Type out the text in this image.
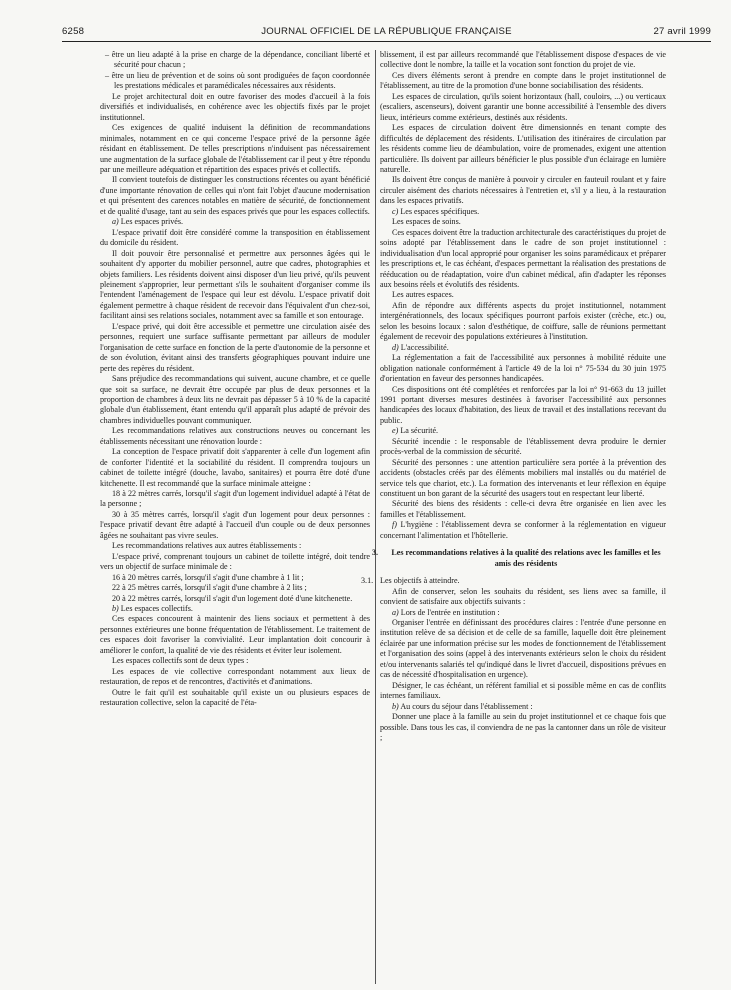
6258	JOURNAL OFFICIEL DE LA RÉPUBLIQUE FRANÇAISE	27 avril 1999

– être un lieu adapté à la prise en charge de la dépendance, conciliant liberté et sécurité pour chacun ;

– être un lieu de prévention et de soins où sont prodiguées de façon coordonnée les prestations médicales et paramédicales nécessaires aux résidents.

Le projet architectural doit en outre favoriser des modes d'accueil à la fois diversifiés et individualisés, en cohérence avec les objectifs fixés par le projet institutionnel.

Ces exigences de qualité induisent la définition de recommandations minimales, notamment en ce qui concerne l'espace privé de la personne âgée résidant en établissement. De telles prescriptions n'induisent pas nécessairement une augmentation de la surface globale de l'établissement car il peut y être répondu par une meilleure adéquation et répartition des espaces privés et collectifs.

Il convient toutefois de distinguer les constructions récentes ou ayant bénéficié d'une importante rénovation de celles qui n'ont fait l'objet d'aucune modernisation et qui présentent des carences notables en matière de sécurité, de fonctionnement et de qualité d'usage, tant au sein des espaces privés que pour les espaces collectifs.

a) Les espaces privés.

L'espace privatif doit être considéré comme la transposition en établissement du domicile du résident.

Il doit pouvoir être personnalisé et permettre aux personnes âgées qui le souhaitent d'y apporter du mobilier personnel, autre que cadres, photographies et objets familiers. Les résidents doivent ainsi disposer d'un lieu privé, qu'ils peuvent pleinement s'approprier, leur permettant s'ils le souhaitent d'organiser comme ils l'entendent l'aménagement de l'espace qui leur est dévolu. L'espace privatif doit également permettre à chaque résident de recevoir dans l'équivalent d'un chez-soi, facilitant ainsi ses relations sociales, notamment avec sa famille et son entourage.

L'espace privé, qui doit être accessible et permettre une circulation aisée des personnes, requiert une surface suffisante permettant par ailleurs de moduler l'organisation de cette surface en fonction de la perte d'autonomie de la personne et de son évolution, évitant ainsi des transferts géographiques pouvant induire une perte des repères du résident.

Sans préjudice des recommandations qui suivent, aucune chambre, et ce quelle que soit sa surface, ne devrait être occupée par plus de deux personnes et la proportion de chambres à deux lits ne devrait pas dépasser 5 à 10 % de la capacité globale d'un établissement, étant entendu qu'il apparaît plus adapté de prévoir des chambres individuelles pouvant communiquer.

Les recommandations relatives aux constructions neuves ou concernant les établissements nécessitant une rénovation lourde :

La conception de l'espace privatif doit s'apparenter à celle d'un logement afin de conforter l'identité et la sociabilité du résident. Il comprendra toujours un cabinet de toilette intégré (douche, lavabo, sanitaires) et pourra être doté d'une kitchenette. Il est recommandé que la surface minimale atteigne :

18 à 22 mètres carrés, lorsqu'il s'agit d'un logement individuel adapté à l'état de la personne ;

30 à 35 mètres carrés, lorsqu'il s'agit d'un logement pour deux personnes : l'espace privatif devant être adapté à l'accueil d'un couple ou de deux personnes âgées ne souhaitant pas vivre seules.

Les recommandations relatives aux autres établissements :

L'espace privé, comprenant toujours un cabinet de toilette intégré, doit tendre vers un objectif de surface minimale de :

16 à 20 mètres carrés, lorsqu'il s'agit d'une chambre à 1 lit ;

22 à 25 mètres carrés, lorsqu'il s'agit d'une chambre à 2 lits ;

20 à 22 mètres carrés, lorsqu'il s'agit d'un logement doté d'une kitchenette.

b) Les espaces collectifs.

Ces espaces concourent à maintenir des liens sociaux et permettent à des personnes extérieures une bonne fréquentation de l'établissement. Le traitement de ces espaces doit favoriser la convivialité. Leur implantation doit concourir à améliorer le confort, la qualité de vie des résidents et éviter leur isolement.

Les espaces collectifs sont de deux types :

Les espaces de vie collective correspondant notamment aux lieux de restauration, de repos et de rencontres, d'activités et d'animations.

Outre le fait qu'il est souhaitable qu'il existe un ou plusieurs espaces de restauration collective, selon la capacité de l'éta-

blissement, il est par ailleurs recommandé que l'établissement dispose d'espaces de vie collective dont le nombre, la taille et la vocation sont fonction du projet de vie.

Ces divers éléments seront à prendre en compte dans le projet institutionnel de l'établissement, au titre de la promotion d'une bonne sociabilisation des résidents.

Les espaces de circulation, qu'ils soient horizontaux (hall, couloirs, ...) ou verticaux (escaliers, ascenseurs), doivent garantir une bonne accessibilité à l'ensemble des divers lieux, intérieurs comme extérieurs, destinés aux résidents.

Les espaces de circulation doivent être dimensionnés en tenant compte des difficultés de déplacement des résidents. L'utilisation des itinéraires de circulation par les résidents comme lieu de déambulation, voire de promenades, exigent une attention particulière. Ils doivent par ailleurs bénéficier le plus possible d'un éclairage en lumière naturelle.

Ils doivent être conçus de manière à pouvoir y circuler en fauteuil roulant et y faire circuler aisément des chariots nécessaires à l'entretien et, s'il y a lieu, à la restauration dans les espaces privatifs.

c) Les espaces spécifiques.

Les espaces de soins.

Ces espaces doivent être la traduction architecturale des caractéristiques du projet de soins adopté par l'établissement dans le cadre de son projet institutionnel : individualisation d'un local approprié pour organiser les soins paramédicaux et préparer les prescriptions et, le cas échéant, d'espaces permettant la réalisation des prestations de rééducation ou de réadaptation, voire d'un cabinet médical, afin d'adapter les réponses aux besoins réels et évolutifs des résidents.

Les autres espaces.

Afin de répondre aux différents aspects du projet institutionnel, notamment intergénérationnels, des locaux spécifiques pourront parfois exister (crèche, etc.) ou, selon les besoins locaux : salon d'esthétique, de coiffure, salle de réunions permettant également de recevoir des populations extérieures à l'institution.

d) L'accessibilité.

La réglementation a fait de l'accessibilité aux personnes à mobilité réduite une obligation nationale conformément à l'article 49 de la loi n° 75-534 du 30 juin 1975 d'orientation en faveur des personnes handicapées.

Ces dispositions ont été complétées et renforcées par la loi n° 91-663 du 13 juillet 1991 portant diverses mesures destinées à favoriser l'accessibilité aux personnes handicapées des locaux d'habitation, des lieux de travail et des installations recevant du public.

e) La sécurité.

Sécurité incendie : le responsable de l'établissement devra produire le dernier procès-verbal de la commission de sécurité.

Sécurité des personnes : une attention particulière sera portée à la prévention des accidents (obstacles créés par des éléments mobiliers mal installés ou du matériel de service tels que chariot, etc.). La formation des intervenants et leur réflexion en équipe constituent un bon garant de la sécurité des usagers tout en respectant leur liberté.

Sécurité des biens des résidents : celle-ci devra être organisée en lien avec les familles et l'établissement.

f) L'hygiène : l'établissement devra se conformer à la réglementation en vigueur concernant l'alimentation et l'hôtellerie.

3. Les recommandations relatives à la qualité des relations avec les familles et les amis des résidents

3.1. Les objectifs à atteindre.

Afin de conserver, selon les souhaits du résident, ses liens avec sa famille, il convient de satisfaire aux objectifs suivants :

a) Lors de l'entrée en institution :

Organiser l'entrée en définissant des procédures claires : l'entrée d'une personne en institution relève de sa décision et de celle de sa famille, laquelle doit être pleinement éclairée par une information précise sur les modes de fonctionnement de l'établissement et l'organisation des soins (appel à des intervenants extérieurs selon le choix du résident et/ou intervenants salariés tel qu'indiqué dans le livret d'accueil, dispositions prévues en cas de nécessité d'hospitalisation en urgence).

Désigner, le cas échéant, un référent familial et si possible même en cas de conflits internes familiaux.

b) Au cours du séjour dans l'établissement :

Donner une place à la famille au sein du projet institutionnel et ce chaque fois que possible. Dans tous les cas, il conviendra de ne pas la cantonner dans un rôle de visiteur ;
